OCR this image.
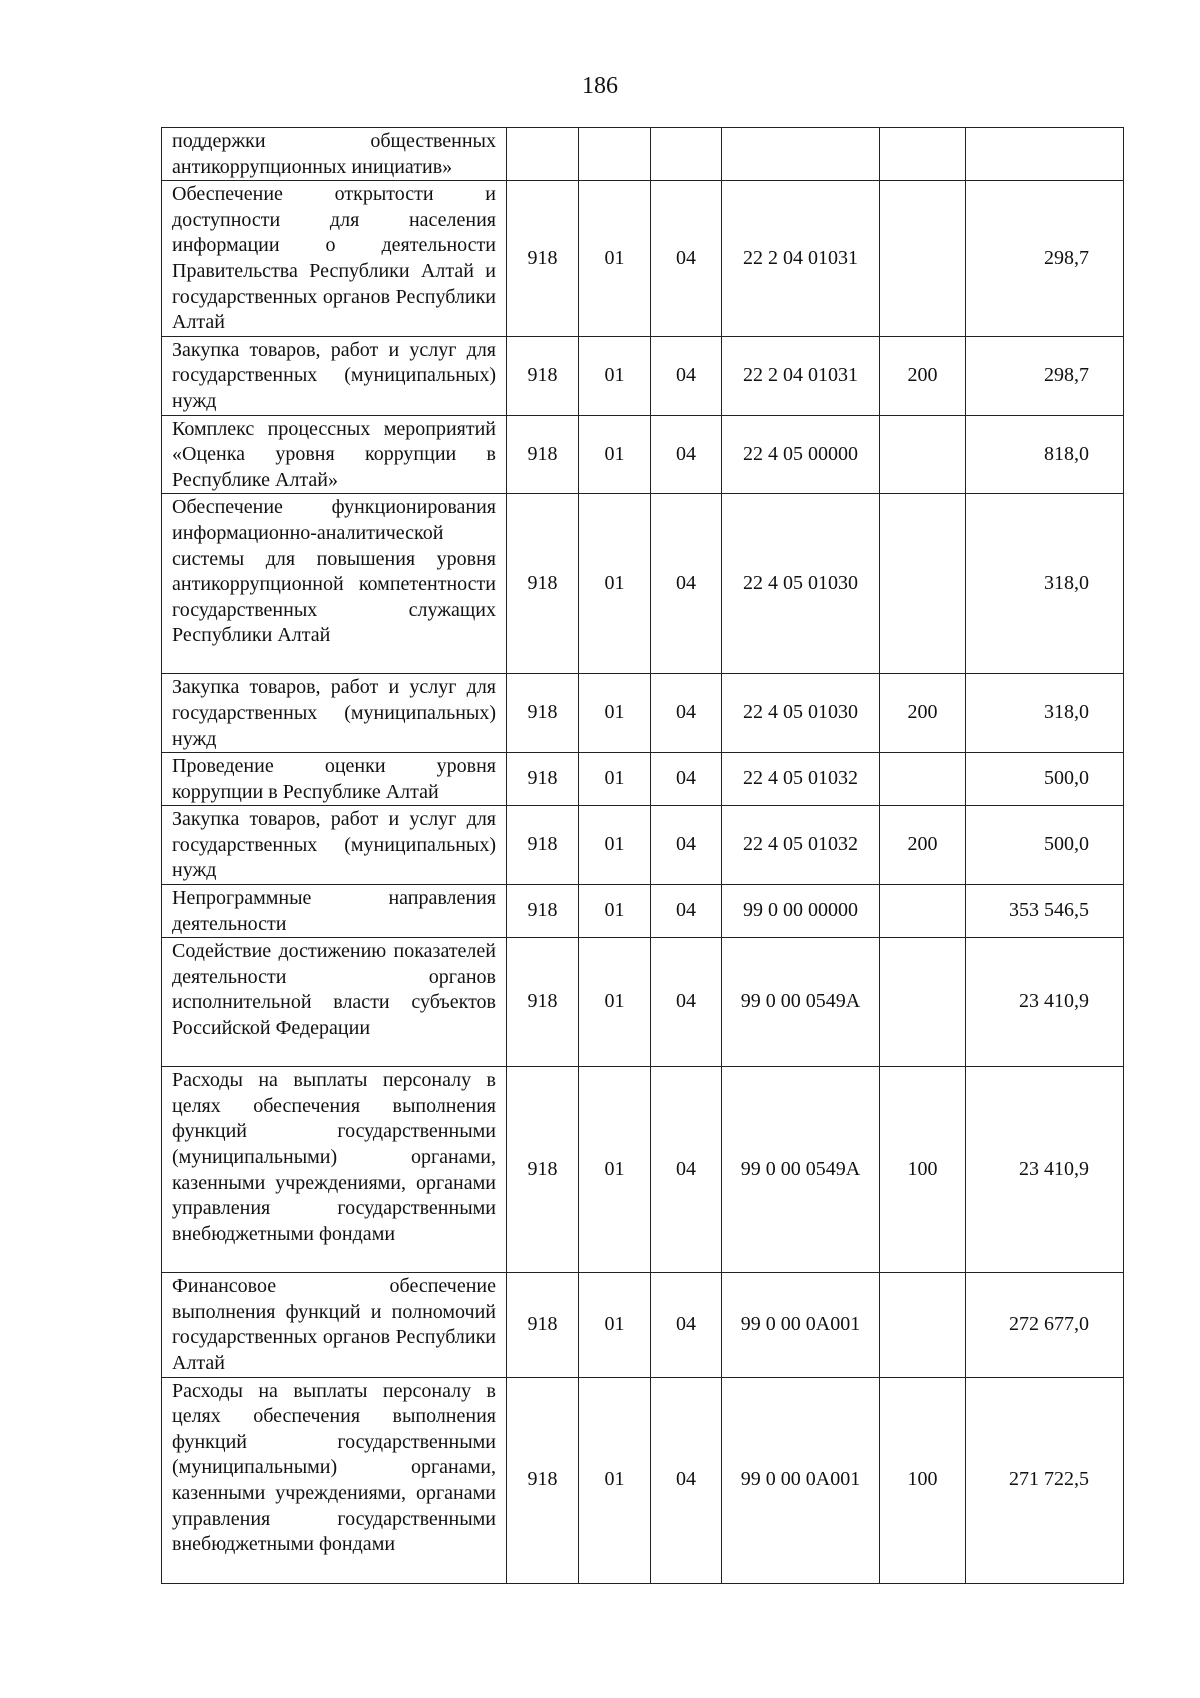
186
поддержки общественных антикоррупционных инициатив»						
Обеспечение открытости и доступности для населения информации о деятельности Правительства Республики Алтай и государственных органов Республики Алтай	918	01	04	22 2 04 01031		298,7
Закупка товаров, работ и услуг для государственных (муниципальных) нужд	918	01	04	22 2 04 01031	200	298,7
Комплекс процессных мероприятий «Оценка уровня коррупции в Республике Алтай»	918	01	04	22 4 05 00000		818,0
Обеспечение функционирования информационно-аналитической системы для повышения уровня антикоррупционной компетентности государственных служащих Республики Алтай	918	01	04	22 4 05 01030		318,0
Закупка товаров, работ и услуг для государственных (муниципальных) нужд	918	01	04	22 4 05 01030	200	318,0
Проведение оценки уровня коррупции в Республике Алтай	918	01	04	22 4 05 01032		500,0
Закупка товаров, работ и услуг для государственных (муниципальных) нужд	918	01	04	22 4 05 01032	200	500,0
Непрограммные направления деятельности	918	01	04	99 0 00 00000		353 546,5
Содействие достижению показателей деятельности органов исполнительной власти субъектов Российской Федерации	918	01	04	99 0 00 0549А		23 410,9
Расходы на выплаты персоналу в целях обеспечения выполнения функций государственными (муниципальными) органами, казенными учреждениями, органами управления государственными внебюджетными фондами	918	01	04	99 0 00 0549А	100	23 410,9
Финансовое обеспечение выполнения функций и полномочий государственных органов Республики Алтай	918	01	04	99 0 00 0А001		272 677,0
Расходы на выплаты персоналу в целях обеспечения выполнения функций государственными (муниципальными) органами, казенными учреждениями, органами управления государственными внебюджетными фондами	918	01	04	99 0 00 0А001	100	271 722,5
